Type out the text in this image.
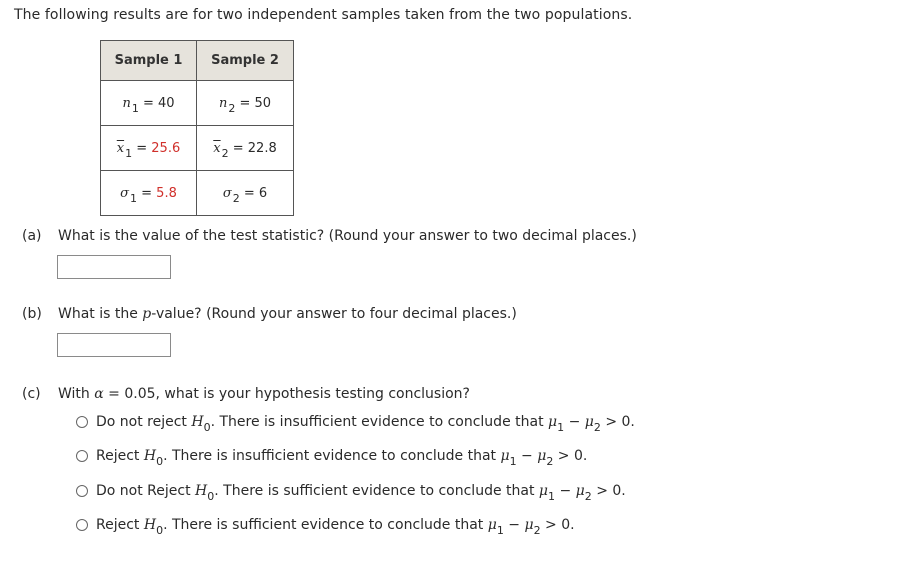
The following results are for two independent samples taken from the two populations.
Sample 1	Sample 2
$n_1 = 40$	$n_2 = 50$
$\overline{x}_1 = 25.6$	$\overline{x}_2 = 22.8$
$\sigma_1 = 5.8$	$\sigma_2 = 6$
(a) What is the value of the test statistic? (Round your answer to two decimal places.)
(b) What is the p-value? (Round your answer to four decimal places.)
(c) With α = 0.05, what is your hypothesis testing conclusion?
Do not reject H 0 . There is insufficient evidence to conclude that μ 1 − μ 2 > 0.
Reject H 0 . There is insufficient evidence to conclude that μ 1 − μ 2 > 0.
Do not Reject H 0 . There is sufficient evidence to conclude that μ 1 − μ 2 > 0.
Reject H 0 . There is sufficient evidence to conclude that μ 1 − μ 2 > 0.
